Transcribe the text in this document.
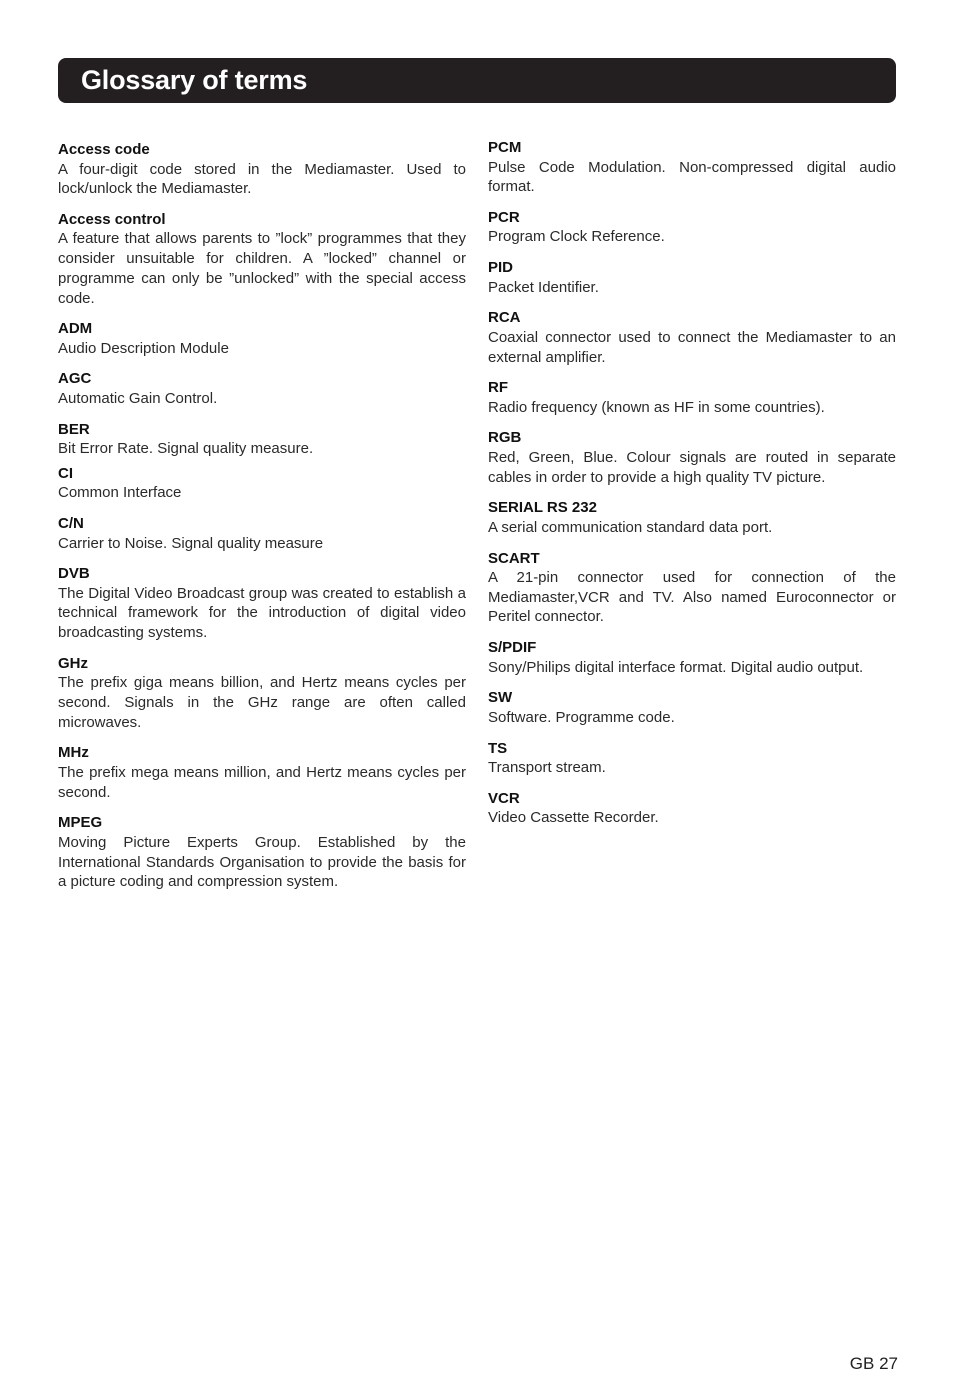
Glossary of terms
Access code
A four-digit code stored in the Mediamaster. Used to lock/unlock the Mediamaster.
Access control
A feature that allows parents to ”lock” programmes that they consider unsuitable for children. A ”locked” channel or programme can only be ”unlocked” with the special access code.
ADM
Audio Description Module
AGC
Automatic Gain Control.
BER
Bit Error Rate. Signal quality measure.
CI
Common Interface
C/N
Carrier to Noise. Signal quality measure
DVB
The Digital Video Broadcast group was created to establish a technical framework for the introduction of digital video broadcasting systems.
GHz
The prefix giga means billion, and Hertz means cycles per second. Signals in the GHz range are often called microwaves.
MHz
The prefix mega means million, and Hertz means cycles per second.
MPEG
Moving Picture Experts Group. Established by the International Standards Organisation to provide the basis for a picture coding and compression system.
PCM
Pulse Code Modulation. Non-compressed digital audio format.
PCR
Program Clock Reference.
PID
Packet Identifier.
RCA
Coaxial connector used to connect the Mediamaster to an external amplifier.
RF
Radio frequency (known as HF in some countries).
RGB
Red, Green, Blue. Colour signals are routed in separate cables in order to provide a high quality TV picture.
SERIAL RS 232
A serial communication standard data port.
SCART
A 21-pin connector used for connection of the Mediamaster,VCR and TV. Also named Euroconnector or Peritel connector.
S/PDIF
Sony/Philips digital interface format. Digital audio output.
SW
Software. Programme code.
TS
Transport stream.
VCR
Video Cassette Recorder.
GB 27
